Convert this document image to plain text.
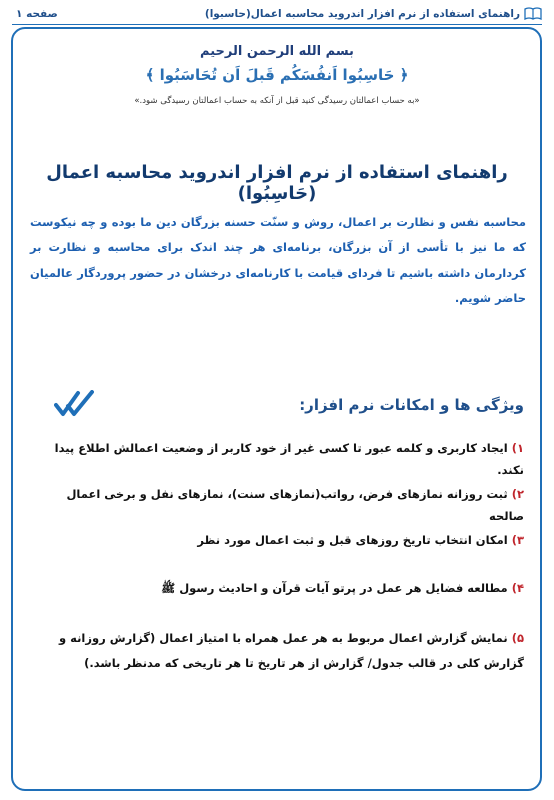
راهنمای استفاده از نرم افزار اندروید محاسبه اعمال(حاسبوا)
صفحه ۱
بسم الله الرحمن الرحیم
﴿ حَاسِبُوا اَنفُسَکُم قَبلَ اَن تُحَاسَبُوا ﴾
«به حساب اعمالتان رسیدگی کنید قبل از آنکه به حساب اعمالتان رسیدگی شود.»
راهنمای استفاده از نرم افزار اندروید محاسبه اعمال (حَاسِبُوا)
محاسبه نفس و نظارت بر اعمال، روش و سنّت حسنه بزرگان دین ما بوده و چه نیکوست که ما نیز با تأسی از آن بزرگان، برنامه‌ای هر چند اندک برای محاسبه و نظارت بر کردارمان داشته باشیم تا فردای قیامت با کارنامه‌ای درخشان در حضور پروردگار عالمیان حاضر شویم.
ویژگی ها و امکانات نرم افزار:
۱) ایجاد کاربری و کلمه عبور تا کسی غیر از خود کاربر از وضعیت اعمالش اطلاع پیدا نکند.
۲) ثبت روزانه نمازهای فرض، رواتب(نمازهای سنت)، نمازهای نفل و برخی اعمال صالحه
۳) امکان انتخاب تاریخ روزهای قبل و ثبت اعمال مورد نظر
۴) مطالعه فضایل هر عمل در پرتو آیات قرآن و احادیث رسول ﷺ
۵) نمایش گزارش اعمال مربوط به هر عمل همراه با امتیاز اعمال (گزارش روزانه و گزارش کلی در قالب جدول/ گزارش از هر تاریخ تا هر تاریخی که مدنظر باشد.)
